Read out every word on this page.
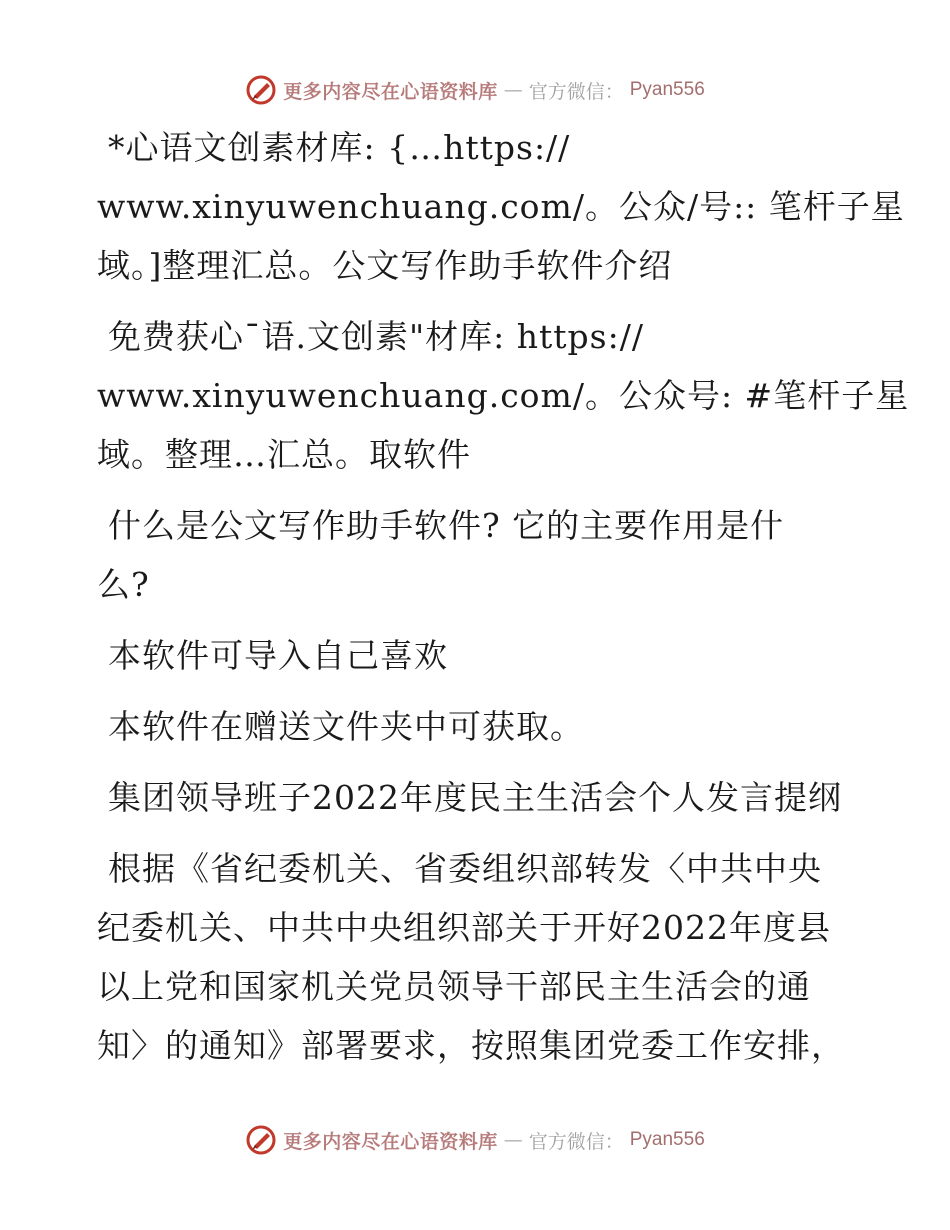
更多内容尽在心语资料库 — 官方微信： Pyan556
*心语文创素材库: {…https://
www.xinyuwenchuang.com/。公众/号:: 笔杆子星
域。]整理汇总。公文写作助手软件介绍
免费获心¯语.文创素"材库: https://
www.xinyuwenchuang.com/。公众号: #笔杆子星
域。整理…汇总。取软件
什么是公文写作助手软件? 它的主要作用是什
么?
本软件可导入自己喜欢
本软件在赠送文件夹中可获取。
集团领导班子2022年度民主生活会个人发言提纲
根据《省纪委机关、省委组织部转发〈中共中央
纪委机关、中共中央组织部关于开好2022年度县
以上党和国家机关党员领导干部民主生活会的通
知〉的通知》部署要求，按照集团党委工作安排，
更多内容尽在心语资料库 — 官方微信： Pyan556
